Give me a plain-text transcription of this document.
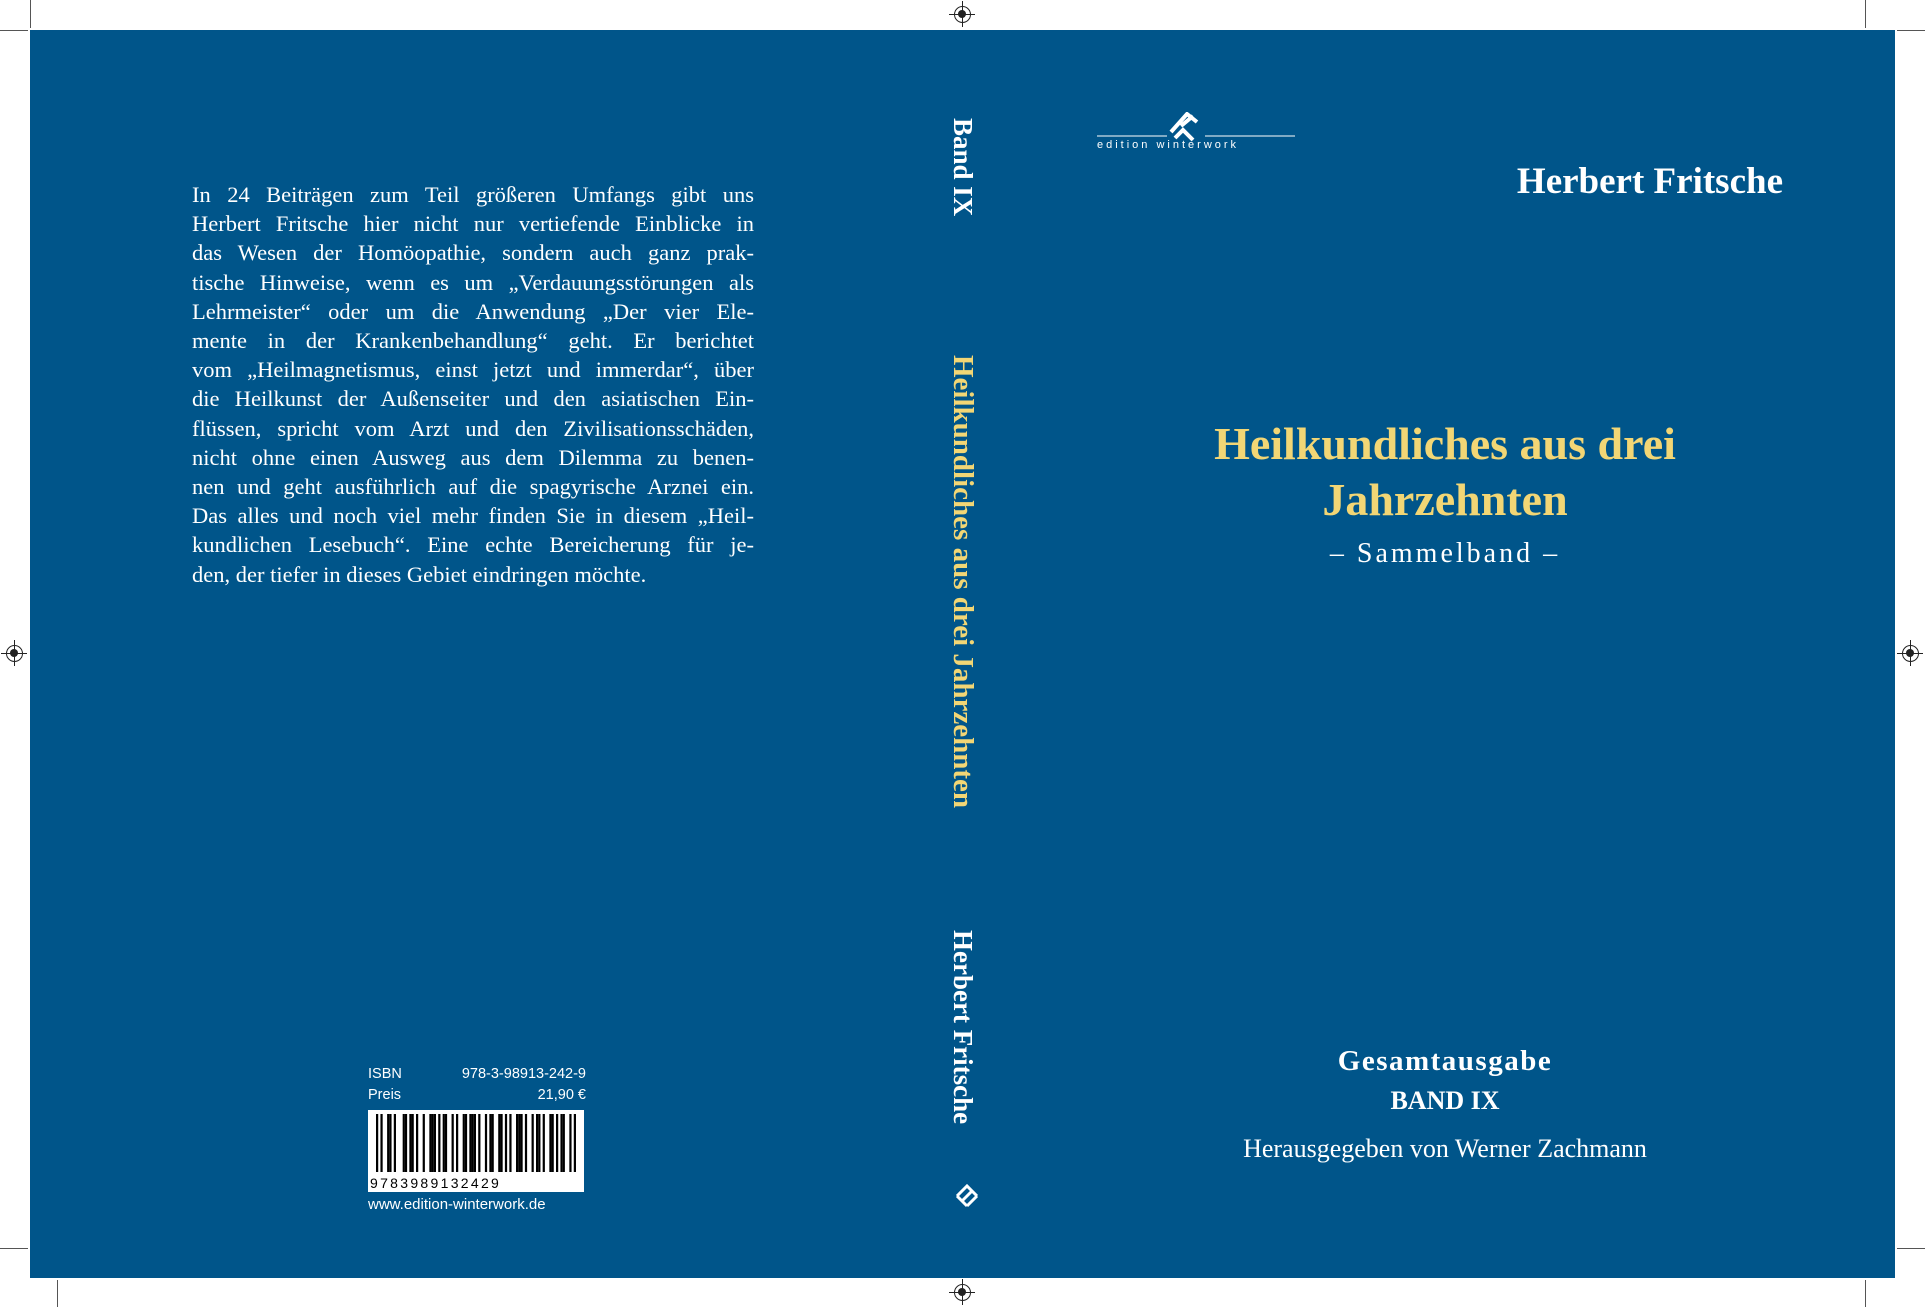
In 24 Beiträgen zum Teil größeren Umfangs gibt uns
Herbert Fritsche hier nicht nur vertiefende Einblicke in
das Wesen der Homöopathie, sondern auch ganz prak-
tische Hinweise, wenn es um „Verdauungsstörungen als
Lehrmeister“ oder um die Anwendung „Der vier Ele-
mente in der Krankenbehandlung“ geht. Er berichtet
vom „Heilmagnetismus, einst jetzt und immerdar“, über
die Heilkunst der Außenseiter und den asiatischen Ein-
flüssen, spricht vom Arzt und den Zivilisationsschäden,
nicht ohne einen Ausweg aus dem Dilemma zu benen-
nen und geht ausführlich auf die spagyrische Arznei ein.
Das alles und noch viel mehr finden Sie in diesem „Heil-
kundlichen Lesebuch“. Eine echte Bereicherung für je-
den, der tiefer in dieses Gebiet eindringen möchte.
ISBN	978-3-98913-242-9
Preis	21,90 €
9783989132429
www.edition-winterwork.de
Band IX
Heilkundliches aus drei Jahrzehnten
Herbert Fritsche
edition winterwork
Herbert Fritsche
Heilkundliches aus drei
Jahrzehnten
– Sammelband –
Gesamtausgabe
BAND IX
Herausgegeben von Werner Zachmann
